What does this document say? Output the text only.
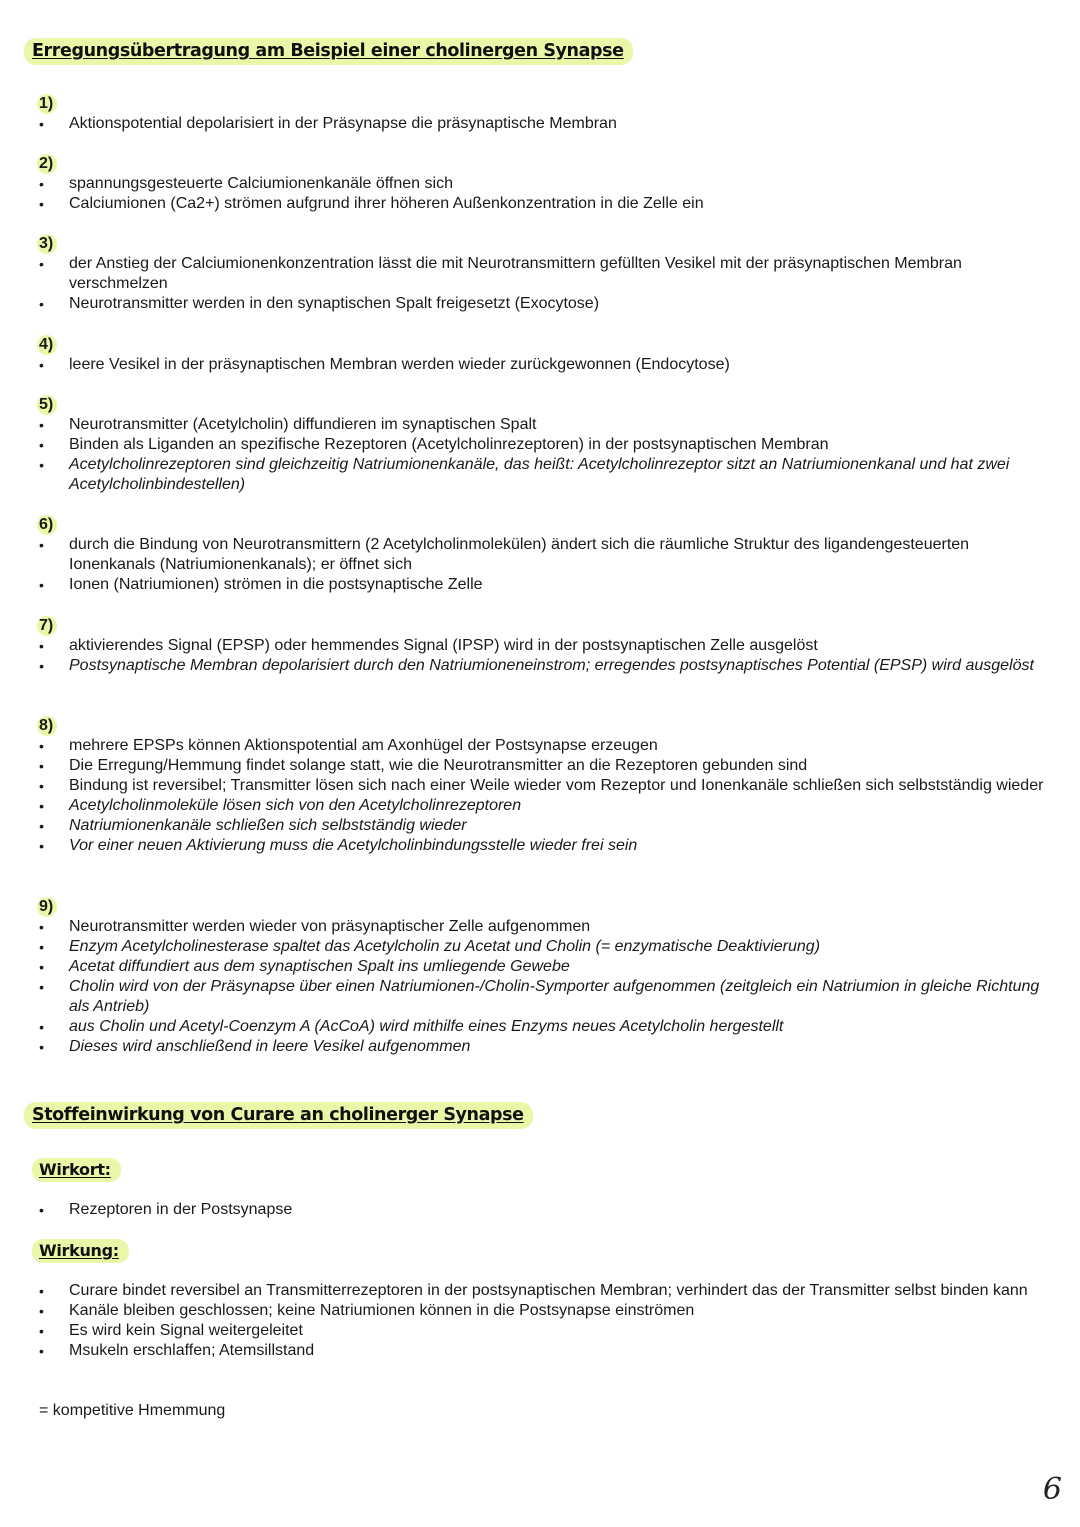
Erregungsübertragung am Beispiel einer cholinergen Synapse
1)
• Aktionspotential depolarisiert in der Präsynapse die präsynaptische Membran
2)
• spannungsgesteuerte Calciumionenkanäle öffnen sich
• Calciumionen (Ca2+) strömen aufgrund ihrer höheren Außenkonzentration in die Zelle ein
3)
• der Anstieg der Calciumionenkonzentration lässt die mit Neurotransmittern gefüllten Vesikel mit der präsynaptischen Membran verschmelzen
• Neurotransmitter werden in den synaptischen Spalt freigesetzt (Exocytose)
4)
• leere Vesikel in der präsynaptischen Membran werden wieder zurückgewonnen (Endocytose)
5)
• Neurotransmitter (Acetylcholin) diffundieren im synaptischen Spalt
• Binden als Liganden an spezifische Rezeptoren (Acetylcholinrezeptoren) in der postsynaptischen Membran
• Acetylcholinrezeptoren sind gleichzeitig Natriumionenkanäle, das heißt: Acetylcholinrezeptor sitzt an Natriumionenkanal und hat zwei Acetylcholinbindestellen)
6)
• durch die Bindung von Neurotransmittern (2 Acetylcholinmolekülen) ändert sich die räumliche Struktur des ligandengesteuerten Ionenkanals (Natriumionenkanals); er öffnet sich
• Ionen (Natriumionen) strömen in die postsynaptische Zelle
7)
• aktivierendes Signal (EPSP) oder hemmendes Signal (IPSP) wird in der postsynaptischen Zelle ausgelöst
• Postsynaptische Membran depolarisiert durch den Natriumioneneinstrom; erregendes postsynaptisches Potential (EPSP) wird ausgelöst
8)
• mehrere EPSPs können Aktionspotential am Axonhügel der Postsynapse erzeugen
• Die Erregung/Hemmung findet solange statt, wie die Neurotransmitter an die Rezeptoren gebunden sind
• Bindung ist reversibel; Transmitter lösen sich nach einer Weile wieder vom Rezeptor und Ionenkanäle schließen sich selbstständig wieder
• Acetylcholinmoleküle lösen sich von den Acetylcholinrezeptoren
• Natriumionenkanäle schließen sich selbstständig wieder
• Vor einer neuen Aktivierung muss die Acetylcholinbindungsstelle wieder frei sein
9)
• Neurotransmitter werden wieder von präsynaptischer Zelle aufgenommen
• Enzym Acetylcholinesterase spaltet das Acetylcholin zu Acetat und Cholin (= enzymatische Deaktivierung)
• Acetat diffundiert aus dem synaptischen Spalt ins umliegende Gewebe
• Cholin wird von der Präsynapse über einen Natriumionen-/Cholin-Symporter aufgenommen (zeitgleich ein Natriumion in gleiche Richtung als Antrieb)
• aus Cholin und Acetyl-Coenzym A (AcCoA) wird mithilfe eines Enzyms neues Acetylcholin hergestellt
• Dieses wird anschließend in leere Vesikel aufgenommen
Stoffeinwirkung von Curare an cholinerger Synapse
Wirkort:
• Rezeptoren in der Postsynapse
Wirkung:
• Curare bindet reversibel an Transmitterrezeptoren in der postsynaptischen Membran; verhindert das der Transmitter selbst binden kann
• Kanäle bleiben geschlossen; keine Natriumionen können in die Postsynapse einströmen
• Es wird kein Signal weitergeleitet
• Msukeln erschlaffen; Atemsillstand
= kompetitive Hmemmung
6
